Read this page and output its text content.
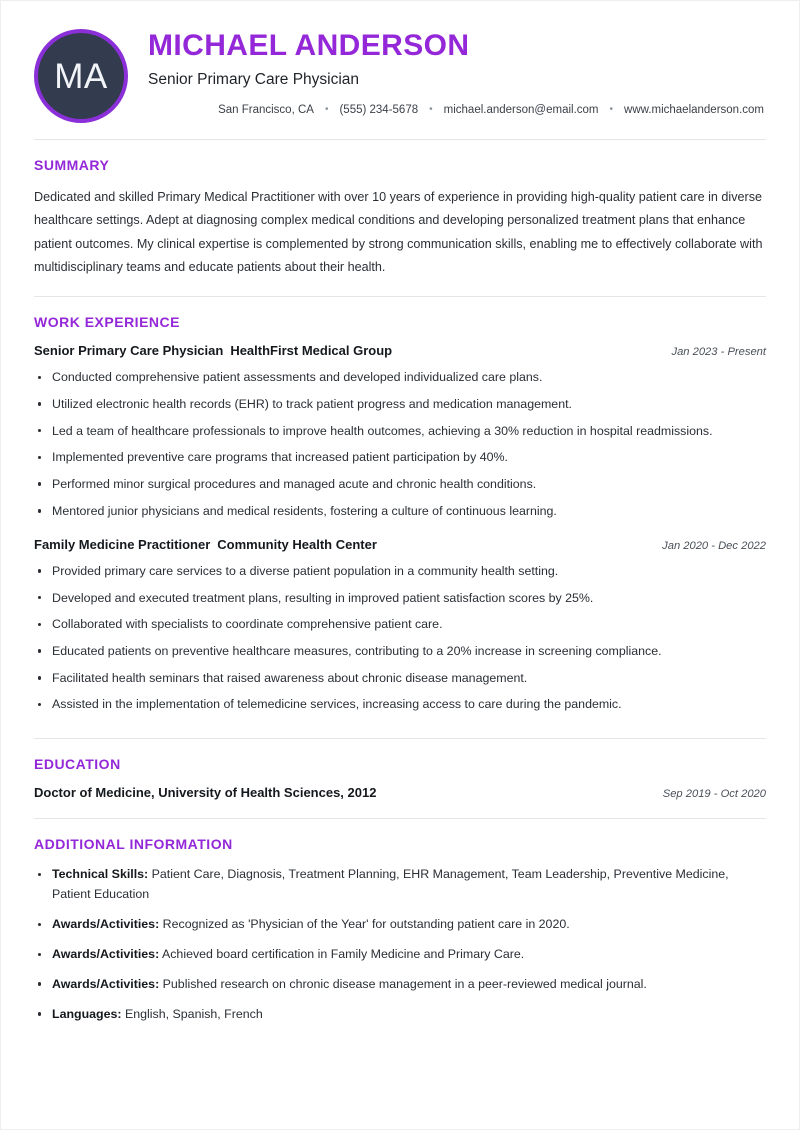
MA
MICHAEL ANDERSON
Senior Primary Care Physician
San Francisco, CA	• (555) 234-5678	• michael.anderson@email.com	• www.michaelanderson.com
SUMMARY

Dedicated and skilled Primary Medical Practitioner with over 10 years of experience in providing high-quality patient care in diverse healthcare settings. Adept at diagnosing complex medical conditions and developing personalized treatment plans that enhance patient outcomes. My clinical expertise is complemented by strong communication skills, enabling me to effectively collaborate with multidisciplinary teams and educate patients about their health.

WORK EXPERIENCE
Senior Primary Care Physician HealthFirst Medical Group	Jan 2023 - Present
Conducted comprehensive patient assessments and developed individualized care plans.
Utilized electronic health records (EHR) to track patient progress and medication management.
Led a team of healthcare professionals to improve health outcomes, achieving a 30% reduction in hospital readmissions.
Implemented preventive care programs that increased patient participation by 40%.
Performed minor surgical procedures and managed acute and chronic health conditions.
Mentored junior physicians and medical residents, fostering a culture of continuous learning.
Family Medicine Practitioner Community Health Center	Jan 2020 - Dec 2022
Provided primary care services to a diverse patient population in a community health setting.
Developed and executed treatment plans, resulting in improved patient satisfaction scores by 25%.
Collaborated with specialists to coordinate comprehensive patient care.
Educated patients on preventive healthcare measures, contributing to a 20% increase in screening compliance.
Facilitated health seminars that raised awareness about chronic disease management.
Assisted in the implementation of telemedicine services, increasing access to care during the pandemic.
EDUCATION
Doctor of Medicine, University of Health Sciences, 2012	Sep 2019 - Oct 2020
ADDITIONAL INFORMATION
Technical Skills: Patient Care, Diagnosis, Treatment Planning, EHR Management, Team Leadership, Preventive Medicine, Patient Education
Awards/Activities: Recognized as 'Physician of the Year' for outstanding patient care in 2020.
Awards/Activities: Achieved board certification in Family Medicine and Primary Care.
Awards/Activities: Published research on chronic disease management in a peer-reviewed medical journal.
Languages: English, Spanish, French
